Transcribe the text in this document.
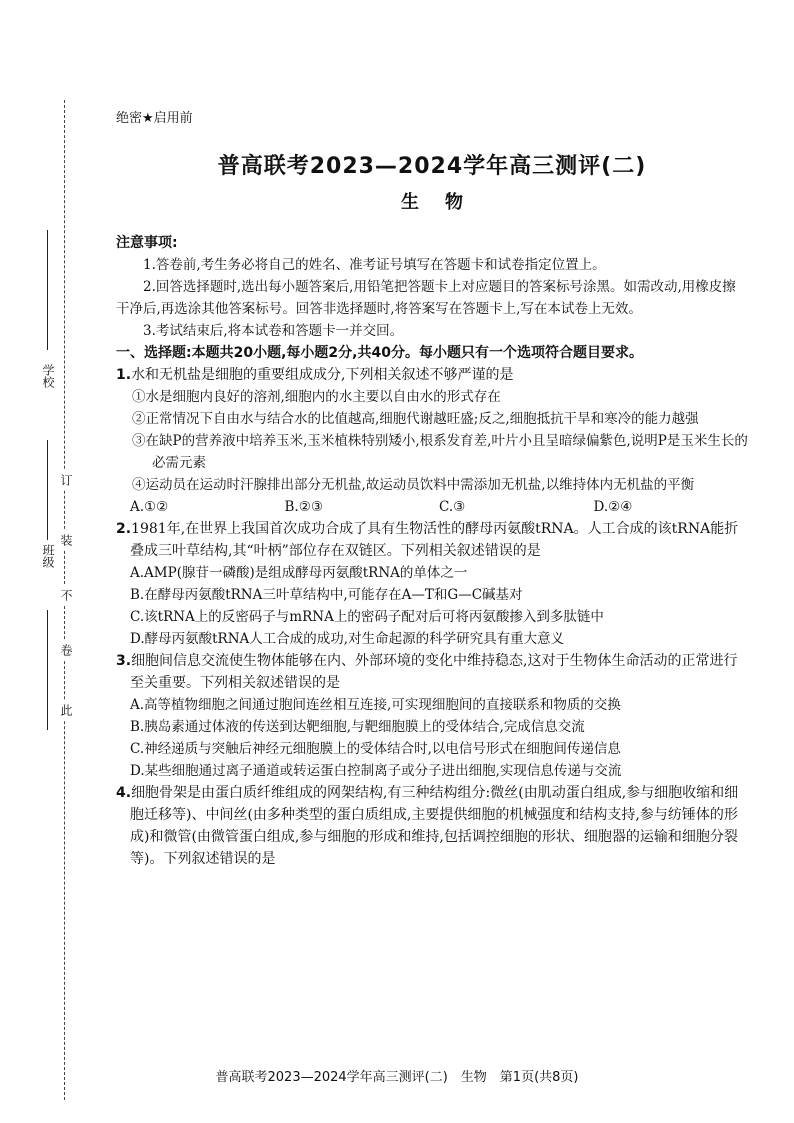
学校
班级
订
装
不
卷
此
绝密★启用前
普高联考2023—2024学年高三测评(二)
生物
注意事项:
1.答卷前,考生务必将自己的姓名、准考证号填写在答题卡和试卷指定位置上。
2.回答选择题时,选出每小题答案后,用铅笔把答题卡上对应题目的答案标号涂黑。如需改动,用橡皮擦干净后,再选涂其他答案标号。回答非选择题时,将答案写在答题卡上,写在本试卷上无效。
3.考试结束后,将本试卷和答题卡一并交回。
一、选择题:本题共20小题,每小题2分,共40分。每小题只有一个选项符合题目要求。
1.水和无机盐是细胞的重要组成成分,下列相关叙述不够严谨的是
①水是细胞内良好的溶剂,细胞内的水主要以自由水的形式存在
②正常情况下自由水与结合水的比值越高,细胞代谢越旺盛;反之,细胞抵抗干旱和寒冷的能力越强
③在缺P的营养液中培养玉米,玉米植株特别矮小,根系发育差,叶片小且呈暗绿偏紫色,说明P是玉米生长的必需元素
④运动员在运动时汗腺排出部分无机盐,故运动员饮料中需添加无机盐,以维持体内无机盐的平衡
A.①②	B.②③	C.③	D.②④
2.1981年,在世界上我国首次成功合成了具有生物活性的酵母丙氨酸tRNA。人工合成的该tRNA能折叠成三叶草结构,其“叶柄”部位存在双链区。下列相关叙述错误的是
A.AMP(腺苷一磷酸)是组成酵母丙氨酸tRNA的单体之一
B.在酵母丙氨酸tRNA三叶草结构中,可能存在A—T和G—C碱基对
C.该tRNA上的反密码子与mRNA上的密码子配对后可将丙氨酸掺入到多肽链中
D.酵母丙氨酸tRNA人工合成的成功,对生命起源的科学研究具有重大意义
3.细胞间信息交流使生物体能够在内、外部环境的变化中维持稳态,这对于生物体生命活动的正常进行至关重要。下列相关叙述错误的是
A.高等植物细胞之间通过胞间连丝相互连接,可实现细胞间的直接联系和物质的交换
B.胰岛素通过体液的传送到达靶细胞,与靶细胞膜上的受体结合,完成信息交流
C.神经递质与突触后神经元细胞膜上的受体结合时,以电信号形式在细胞间传递信息
D.某些细胞通过离子通道或转运蛋白控制离子或分子进出细胞,实现信息传递与交流
4.细胞骨架是由蛋白质纤维组成的网架结构,有三种结构组分:微丝(由肌动蛋白组成,参与细胞收缩和细胞迁移等)、中间丝(由多种类型的蛋白质组成,主要提供细胞的机械强度和结构支持,参与纺锤体的形成)和微管(由微管蛋白组成,参与细胞的形成和维持,包括调控细胞的形状、细胞器的运输和细胞分裂等)。下列叙述错误的是
普高联考2023—2024学年高三测评(二)　生物　第1页(共8页)
